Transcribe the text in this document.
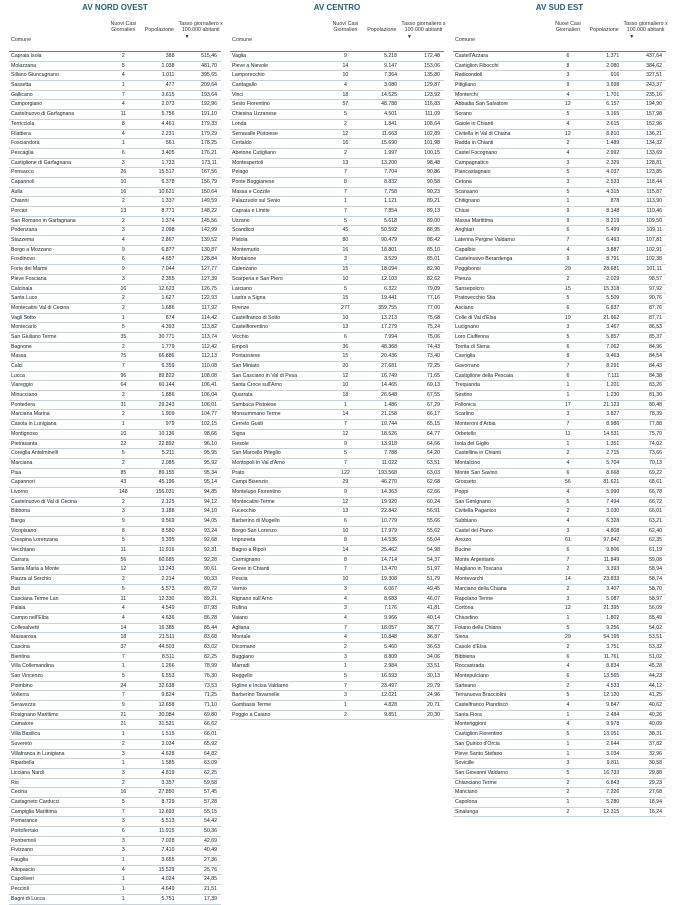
AV NORD OVEST
Comune
Nuovi Casi Giornalieri	Popolazione
Tasso giornaliero x 100.000 abitanti
▼
Capraia Isola	2	388	515,46
Molazzana	5	1.038	481,70
Sillano Giuncugnano	4	1.011	395,65
Sassetta	1	477	209,64
Gallicano	7	3.615	193,64
Camporgiano	4	2.073	192,96
Castelnuovo di Garfagnana	11	5.756	191,10
Terricciola	8	4.461	179,33
Filattiera	4	2.231	179,29
Fosciandora	1	561	178,25
Pescaglia	6	3.405	176,21
Castiglione di Garfagnana	3	1.733	173,11
Ponsacco	26	15.517	167,56
Capannoli	10	6.378	156,79
Aulla	16	10.621	150,64
Chianni	2	1.337	149,59
Porcari	13	8.771	148,22
San Romano in Garfagnana	2	1.374	145,56
Podenzana	3	2.098	142,99
Stazzema	4	2.867	139,52
Borgo a Mozzano	9	6.877	130,87
Fosdinovo	6	4.657	128,84
Forte dei Marmi	9	7.044	127,77
Pieve Fosciana	3	2.355	127,39
Calcinaia	16	12.623	126,75
Santa Luce	2	1.627	122,93
Montecatini Val di Cecina	2	1.686	117,92
Vagli Sotto	1	874	114,42
Montecarlo	5	4.393	113,82
San Giuliano Terme	35	30.771	113,74
Bagnone	2	1.779	112,42
Massa	75	66.886	112,13
Calci	7	6.359	110,08
Lucca	96	89.822	108,08
Viareggio	64	60.144	106,41
Minucciano	2	1.886	106,04
Pontedera	31	29.243	106,01
Marciana Marina	2	1.909	104,77
Casola in Lunigiana	1	979	102,15
Montignoso	10	10.136	98,66
Pietrasanta	22	22.892	96,10
Coreglia Antelminelli	5	5.211	95,95
Marciana	2	2.085	95,92
Pisa	85	89.155	95,34
Capannori	43	45.196	95,14
Livorno	148	156.031	94,85
Castelnuovo di Val di Cecina	2	2.125	94,12
Bibbona	3	3.188	94,10
Barga	9	9.569	94,05
Vicopisano	8	8.580	93,24
Crespina Lorenzana	5	5.395	92,68
Vecchiano	11	11.916	92,31
Carrara	56	60.685	92,28
Santa Maria a Monte	12	13.243	90,61
Piazza al Serchio	2	2.214	90,33
Buti	5	5.573	89,72
Casciana Terme Lari	11	12.330	89,21
Palaia	4	4.549	87,93
Campo nell'Elba	4	4.636	86,28
Collesalvetti	14	16.385	85,44
Massarosa	18	21.511	83,68
Cascina	37	44.503	83,02
Bientina	7	8.511	82,25
Villa Collemandina	1	1.266	78,99
San Vincenzo	5	6.553	76,30
Piombino	24	32.638	73,53
Volterra	7	9.824	71,25
Seravezza	9	12.658	71,10
Rosignano Marittimo	21	30.084	69,80
Camaiore	21	31.521	66,62
Villa Basilica	1	1.515	66,01
Suvereto	2	3.034	65,92
Villafranca in Lunigiana	3	4.628	64,82
Riparbella	1	1.585	63,09
Licciana Nardi	3	4.819	62,25
Rio	2	3.357	59,58
Cecina	16	27.850	57,45
Castagneto Carducci	5	8.729	57,28
Campiglia Marittima	7	12.693	55,15
Pomarance	3	5.513	54,42
Portoferraio	6	11.915	50,36
Pontremoli	3	7.028	42,69
Fivizzano	3	7.410	40,49
Fauglia	1	3.655	27,36
Altopascio	4	15.529	25,76
Capoliveri	1	4.024	24,85
Peccioli	1	4.649	21,51
Bagni di Lucca	1	5.751	17,39
AV CENTRO
Comune
Nuovi Casi Giornalieri	Popolazione
Tasso giornaliero x 100.000 abitanti
▼
Vaglia	9	5.218	172,48
Pieve a Nievole	14	9.147	153,06
Lamporecchio	10	7.364	135,80
Cantagallo	4	3.080	129,87
Vinci	18	14.525	123,92
Sesto Fiorentino	57	48.788	116,83
Chiesina Uzzanese	5	4.501	111,09
Londa	2	1.841	108,64
Serravalle Pistoiese	12	11.663	102,89
Certaldo	16	15.690	101,98
Abetone Cutigliano	2	1.997	100,15
Montespertoli	13	13.200	98,48
Pelago	7	7.704	90,86
Ponte Buggianese	8	8.832	90,58
Massa e Cozzile	7	7.758	90,23
Palazzuolo sul Senio	1	1.121	89,21
Capraia e Limite	7	7.854	89,13
Uzzano	5	5.618	89,00
Scandicci	45	50.592	88,95
Pistoia	80	90.479	88,42
Montemurlo	16	18.801	85,10
Montaione	3	3.529	85,01
Calenzano	15	18.094	82,90
Scarperia e San Piero	10	12.103	82,62
Larciano	5	6.322	79,09
Lastra a Signa	15	19.441	77,16
Firenze	277	359.755	77,00
Castelfranco di Sotto	10	13.213	75,68
Castelfiorentino	13	17.279	75,24
Vicchio	6	7.994	75,06
Empoli	36	48.368	74,43
Pontassieve	15	20.436	73,40
San Miniato	20	27.681	72,25
San Casciano in Val di Pesa	12	16.749	71,65
Santa Croce sull'Arno	10	14.465	69,13
Quarrata	18	26.648	67,55
Sambuca Pistoiese	1	1.486	67,29
Monsummano Terme	14	21.158	66,17
Cerreto Guidi	7	10.744	65,15
Signa	12	18.526	64,77
Fiesole	9	13.918	64,66
San Marcello Piteglio	5	7.788	64,20
Montopoli in Val d'Arno	7	11.022	63,51
Prato	122	193.568	63,03
Campi Bisenzio	29	46.270	62,68
Montelupo Fiorentino	9	14.363	62,66
Montecatini-Terme	12	19.920	60,24
Fucecchio	13	22.842	56,91
Barberino di Mugello	6	10.779	55,66
Borgo San Lorenzo	10	17.979	55,62
Impruneta	8	14.536	55,04
Bagno a Ripoli	14	25.462	54,98
Carmignano	8	14.714	54,37
Greve in Chianti	7	13.470	51,97
Pescia	10	19.308	51,79
Vernio	3	6.067	49,45
Rignano sull'Arno	4	8.683	46,07
Rufina	3	7.176	41,81
Vaiano	4	9.966	40,14
Agliana	7	18.057	38,77
Montale	4	10.848	36,87
Dicomano	2	5.460	36,63
Buggiano	3	8.809	34,06
Marradi	1	2.984	33,51
Reggello	5	16.593	30,13
Figline e Incisa Valdarno	7	23.497	29,79
Barberino Tavarnelle	3	12.021	24,96
Gambassi Terme	1	4.828	20,71
Poggio a Caiano	2	9.851	20,30
AV SUD EST
Comune
Nuovi Casi Giornalieri	Popolazione
Tasso giornaliero x 100.000 abitanti
▼
Castell'Azzara	6	1.371	437,64
Castiglion Fibocchi	8	2.080	384,62
Radicondoli	3	916	327,51
Pitigliano	9	3.698	243,37
Monterchi	4	1.701	235,16
Abbadia San Salvatore	12	6.157	194,90
Sorano	5	3.165	157,98
Gaiole in Chianti	4	2.615	152,96
Civitella in Val di Chiana	12	8.810	136,21
Radda in Chianti	2	1.489	134,32
Castel Focognano	4	2.992	133,69
Campagnatico	3	2.329	128,81
Piancastagnaio	5	4.037	123,85
Cetona	3	2.533	118,44
Scansano	5	4.315	115,87
Chitignano	1	878	113,90
Chiusi	9	8.148	110,46
Massa Marittima	9	8.219	109,50
Anghiari	6	5.499	109,11
Laterina Pergine Valdarno	7	6.493	107,81
Capalbio	4	3.887	102,91
Castelnuovo Berardenga	9	8.791	102,38
Poggibonsi	29	28.681	101,11
Pienza	2	2.029	98,57
Sansepolcro	15	15.318	97,92
Pratovecchio Stia	5	5.509	90,76
Asciano	6	6.837	87,76
Colle di Val d'Elsa	19	21.662	87,71
Lucignano	3	3.467	86,53
Loro Ciuffenna	5	5.857	85,37
Torrita di Siena	6	7.062	84,96
Cavriglia	8	9.463	84,54
Gavorrano	7	8.291	84,43
Castiglione della Pescaia	6	7.111	84,38
Trequanda	1	1.201	83,26
Sestino	1	1.230	81,30
Follonica	17	21.123	80,48
Scarlino	3	3.827	78,39
Monteroni d'Arbia	7	8.986	77,88
Orbetello	11	14.531	75,70
Isola del Giglio	1	1.351	74,02
Castellina in Chianti	2	2.715	73,66
Montalcino	4	5.704	70,13
Monte San Savino	6	8.668	69,22
Grosseto	56	81.621	68,61
Poppi	4	5.990	66,78
San Gimignano	5	7.494	66,72
Civitella Paganico	2	3.030	66,01
Subbiano	4	6.328	63,21
Castel del Piano	3	4.808	62,40
Arezzo	61	97.842	62,35
Bucine	6	9.806	61,19
Monte Argentario	7	11.849	59,08
Magliano in Toscana	2	3.393	58,94
Montevarchi	14	23.833	58,74
Marciano della Chiana	2	3.407	58,70
Rapolano Terme	3	5.087	58,97
Cortona	12	21.395	56,09
Chiusdino	1	1.802	55,49
Foiano della Chiana	5	9.256	54,02
Siena	29	54.195	53,51
Casole d'Elsa	2	3.751	53,32
Bibbiena	6	11.761	51,02
Roccastrada	4	8.834	45,28
Montepulciano	6	13.565	44,23
Sarteano	2	4.533	44,12
Terranuova Bracciolini	5	12.120	41,25
Castelfranco Piandiscò	4	9.847	40,62
Santa Fiora	1	2.484	40,26
Monteriggioni	4	9.978	40,09
Castiglion Fiorentino	5	13.051	38,31
San Quirico d'Orcia	1	2.644	37,82
Pieve Santo Stefano	1	3.034	32,96
Sovicille	3	9.811	30,58
San Giovanni Valdarno	5	16.733	29,88
Chianciano Terme	2	6.843	29,23
Manciano	2	7.226	27,68
Capolona	1	5.280	18,94
Sinalunga	2	12.315	16,24
